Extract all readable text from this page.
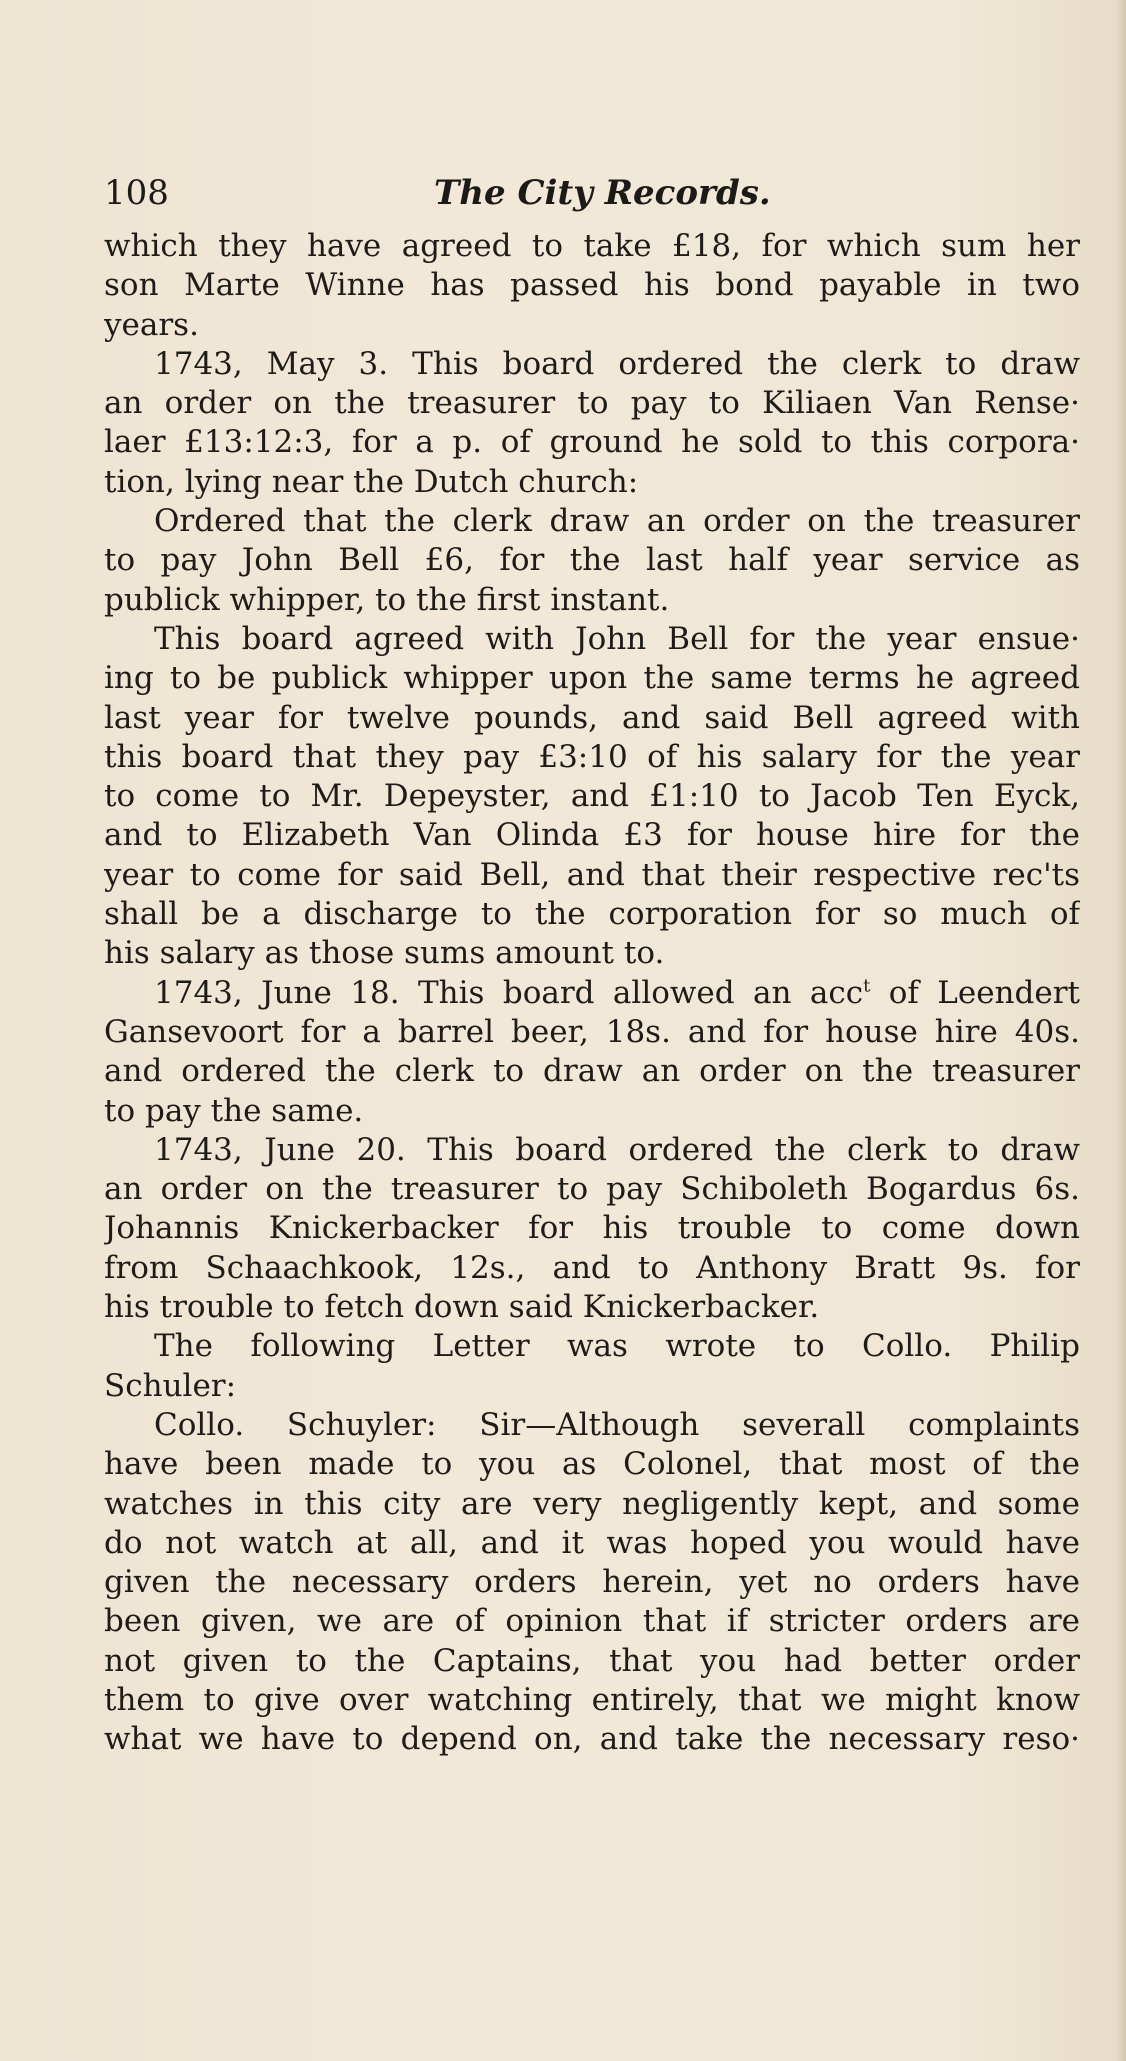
108	The City Records.
which they have agreed to take £18, for which sum her
son Marte Winne has passed his bond payable in two
years.
1743, May 3. This board ordered the clerk to draw
an order on the treasurer to pay to Kiliaen Van Rense·
laer £13:12:3, for a p. of ground he sold to this corpora·
tion, lying near the Dutch church:
Ordered that the clerk draw an order on the treasurer
to pay John Bell £6, for the last half year service as
publick whipper, to the first instant.
This board agreed with John Bell for the year ensue·
ing to be publick whipper upon the same terms he agreed
last year for twelve pounds, and said Bell agreed with
this board that they pay £3:10 of his salary for the year
to come to Mr. Depeyster, and £1:10 to Jacob Ten Eyck,
and to Elizabeth Van Olinda £3 for house hire for the
year to come for said Bell, and that their respective rec'ts
shall be a discharge to the corporation for so much of
his salary as those sums amount to.
1743, June 18. This board allowed an acc$^t$ of Leendert
Gansevoort for a barrel beer, 18s. and for house hire 40s.
and ordered the clerk to draw an order on the treasurer
to pay the same.
1743, June 20. This board ordered the clerk to draw
an order on the treasurer to pay Schiboleth Bogardus 6s.
Johannis Knickerbacker for his trouble to come down
from Schaachkook, 12s., and to Anthony Bratt 9s. for
his trouble to fetch down said Knickerbacker.
The following Letter was wrote to Collo. Philip
Schuler:
Collo. Schuyler: Sir—Although severall complaints
have been made to you as Colonel, that most of the
watches in this city are very negligently kept, and some
do not watch at all, and it was hoped you would have
given the necessary orders herein, yet no orders have
been given, we are of opinion that if stricter orders are
not given to the Captains, that you had better order
them to give over watching entirely, that we might know
what we have to depend on, and take the necessary reso·
